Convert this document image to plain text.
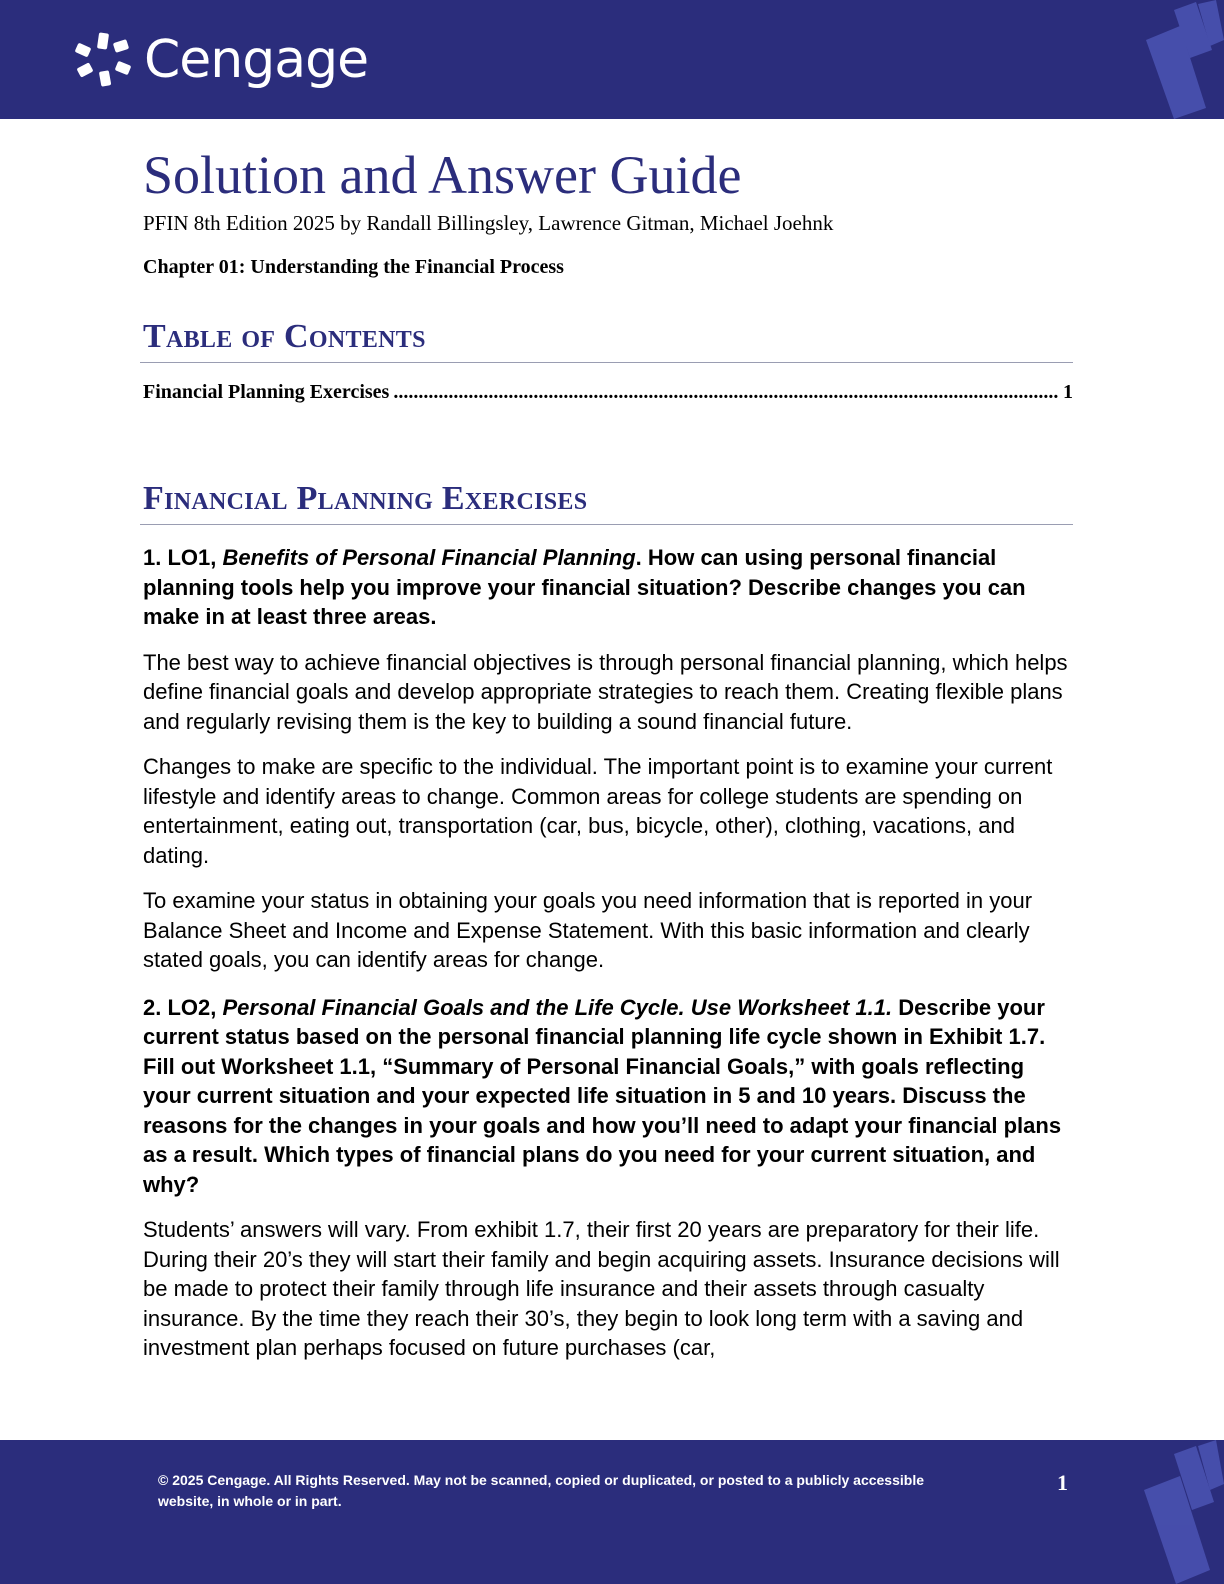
Cengage
Solution and Answer Guide

PFIN 8th Edition 2025 by Randall Billingsley, Lawrence Gitman, Michael Joehnk

Chapter 01: Understanding the Financial Process
Table of Contents
Financial Planning Exercises
.....	1
Financial Planning Exercises

1. LO1, Benefits of Personal Financial Planning. How can using personal financial planning tools help you improve your financial situation? Describe changes you can make in at least three areas.

The best way to achieve financial objectives is through personal financial planning, which helps define financial goals and develop appropriate strategies to reach them. Creating flexible plans and regularly revising them is the key to building a sound financial future.

Changes to make are specific to the individual. The important point is to examine your current lifestyle and identify areas to change. Common areas for college students are spending on entertainment, eating out, transportation (car, bus, bicycle, other), clothing, vacations, and dating.

To examine your status in obtaining your goals you need information that is reported in your Balance Sheet and Income and Expense Statement. With this basic information and clearly stated goals, you can identify areas for change.

2. LO2, Personal Financial Goals and the Life Cycle. Use Worksheet 1.1. Describe your current status based on the personal financial planning life cycle shown in Exhibit 1.7. Fill out Worksheet 1.1, “Summary of Personal Financial Goals,” with goals reflecting your current situation and your expected life situation in 5 and 10 years. Discuss the reasons for the changes in your goals and how you’ll need to adapt your financial plans as a result. Which types of financial plans do you need for your current situation, and why?

Students’ answers will vary. From exhibit 1.7, their first 20 years are preparatory for their life. During their 20’s they will start their family and begin acquiring assets. Insurance decisions will be made to protect their family through life insurance and their assets through casualty insurance. By the time they reach their 30’s, they begin to look long term with a saving and investment plan perhaps focused on future purchases (car,

© 2025 Cengage. All Rights Reserved. May not be scanned, copied or duplicated, or posted to a publicly accessible website, in whole or in part.
1
